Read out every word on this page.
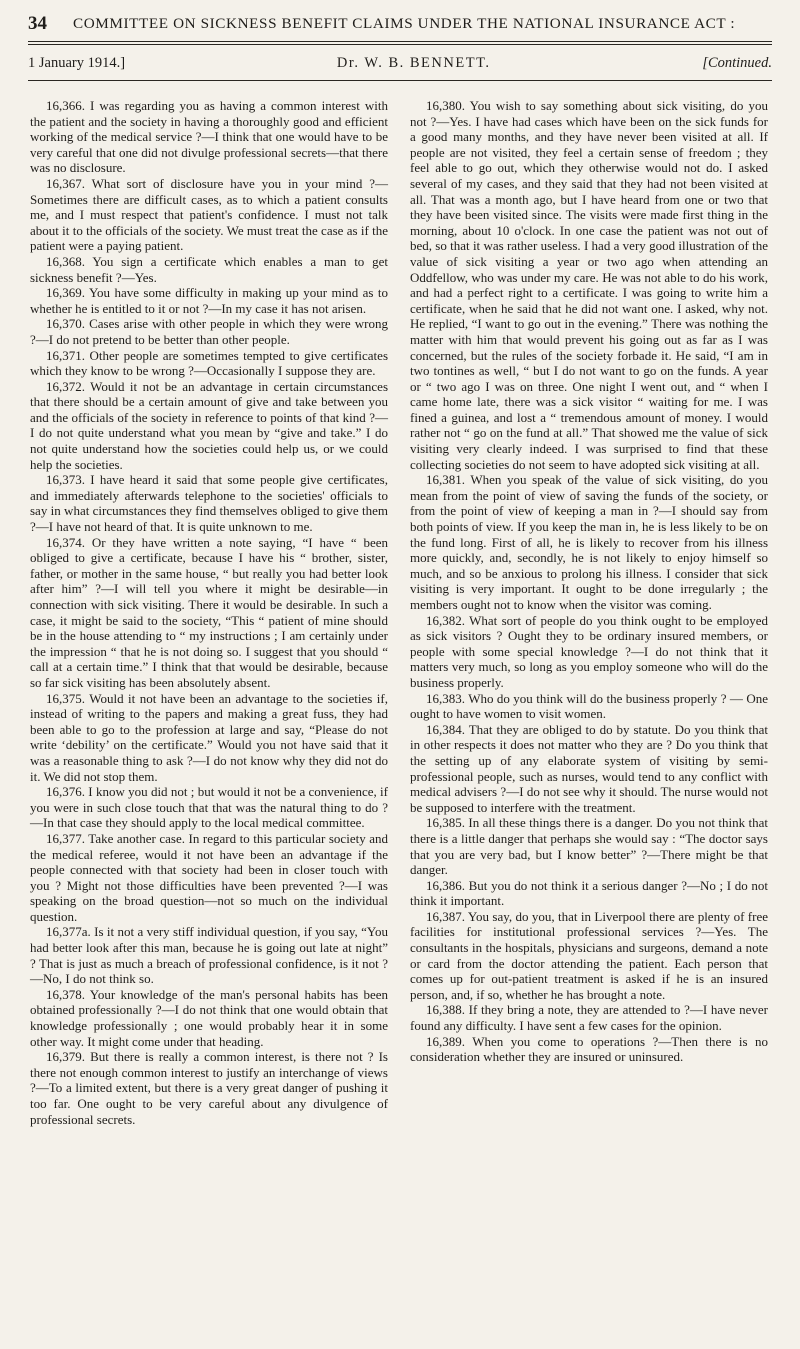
34 COMMITTEE ON SICKNESS BENEFIT CLAIMS UNDER THE NATIONAL INSURANCE ACT :
1 January 1914.]	Dr. W. B. BENNETT.	[Continued.

16,366. I was regarding you as having a common interest with the patient and the society in having a thoroughly good and efficient working of the medical service ?—I think that one would have to be very careful that one did not divulge professional secrets—that there was no disclosure.

16,367. What sort of disclosure have you in your mind ?—Sometimes there are difficult cases, as to which a patient consults me, and I must respect that patient's confidence. I must not talk about it to the officials of the society. We must treat the case as if the patient were a paying patient.

16,368. You sign a certificate which enables a man to get sickness benefit ?—Yes.

16,369. You have some difficulty in making up your mind as to whether he is entitled to it or not ?—In my case it has not arisen.

16,370. Cases arise with other people in which they were wrong ?—I do not pretend to be better than other people.

16,371. Other people are sometimes tempted to give certificates which they know to be wrong ?—Occasionally I suppose they are.

16,372. Would it not be an advantage in certain circumstances that there should be a certain amount of give and take between you and the officials of the society in reference to points of that kind ?—I do not quite understand what you mean by “give and take.” I do not quite understand how the societies could help us, or we could help the societies.

16,373. I have heard it said that some people give certificates, and immediately afterwards telephone to the societies' officials to say in what circumstances they find themselves obliged to give them ?—I have not heard of that. It is quite unknown to me.

16,374. Or they have written a note saying, “I have “ been obliged to give a certificate, because I have his “ brother, sister, father, or mother in the same house, “ but really you had better look after him” ?—I will tell you where it might be desirable—in connection with sick visiting. There it would be desirable. In such a case, it might be said to the society, “This “ patient of mine should be in the house attending to “ my instructions ; I am certainly under the impression “ that he is not doing so. I suggest that you should “ call at a certain time.” I think that that would be desirable, because so far sick visiting has been absolutely absent.

16,375. Would it not have been an advantage to the societies if, instead of writing to the papers and making a great fuss, they had been able to go to the profession at large and say, “Please do not write ‘debility’ on the certificate.” Would you not have said that it was a reasonable thing to ask ?—I do not know why they did not do it. We did not stop them.

16,376. I know you did not ; but would it not be a convenience, if you were in such close touch that that was the natural thing to do ?—In that case they should apply to the local medical committee.

16,377. Take another case. In regard to this particular society and the medical referee, would it not have been an advantage if the people connected with that society had been in closer touch with you ? Might not those difficulties have been prevented ?—I was speaking on the broad question—not so much on the individual question.

16,377a. Is it not a very stiff individual question, if you say, “You had better look after this man, because he is going out late at night” ? That is just as much a breach of professional confidence, is it not ?—No, I do not think so.

16,378. Your knowledge of the man's personal habits has been obtained professionally ?—I do not think that one would obtain that knowledge professionally ; one would probably hear it in some other way. It might come under that heading.

16,379. But there is really a common interest, is there not ? Is there not enough common interest to justify an interchange of views ?—To a limited extent, but there is a very great danger of pushing it too far. One ought to be very careful about any divulgence of professional secrets.

16,380. You wish to say something about sick visiting, do you not ?—Yes. I have had cases which have been on the sick funds for a good many months, and they have never been visited at all. If people are not visited, they feel a certain sense of freedom ; they feel able to go out, which they otherwise would not do. I asked several of my cases, and they said that they had not been visited at all. That was a month ago, but I have heard from one or two that they have been visited since. The visits were made first thing in the morning, about 10 o'clock. In one case the patient was not out of bed, so that it was rather useless. I had a very good illustration of the value of sick visiting a year or two ago when attending an Oddfellow, who was under my care. He was not able to do his work, and had a perfect right to a certificate. I was going to write him a certificate, when he said that he did not want one. I asked, why not. He replied, “I want to go out in the evening.” There was nothing the matter with him that would prevent his going out as far as I was concerned, but the rules of the society forbade it. He said, “I am in two tontines as well, “ but I do not want to go on the funds. A year or “ two ago I was on three. One night I went out, and “ when I came home late, there was a sick visitor “ waiting for me. I was fined a guinea, and lost a “ tremendous amount of money. I would rather not “ go on the fund at all.” That showed me the value of sick visiting very clearly indeed. I was surprised to find that these collecting societies do not seem to have adopted sick visiting at all.

16,381. When you speak of the value of sick visiting, do you mean from the point of view of saving the funds of the society, or from the point of view of keeping a man in ?—I should say from both points of view. If you keep the man in, he is less likely to be on the fund long. First of all, he is likely to recover from his illness more quickly, and, secondly, he is not likely to enjoy himself so much, and so be anxious to prolong his illness. I consider that sick visiting is very important. It ought to be done irregularly ; the members ought not to know when the visitor was coming.

16,382. What sort of people do you think ought to be employed as sick visitors ? Ought they to be ordinary insured members, or people with some special knowledge ?—I do not think that it matters very much, so long as you employ someone who will do the business properly.

16,383. Who do you think will do the business properly ? — One ought to have women to visit women.

16,384. That they are obliged to do by statute. Do you think that in other respects it does not matter who they are ? Do you think that the setting up of any elaborate system of visiting by semi-professional people, such as nurses, would tend to any conflict with medical advisers ?—I do not see why it should. The nurse would not be supposed to interfere with the treatment.

16,385. In all these things there is a danger. Do you not think that there is a little danger that perhaps she would say : “The doctor says that you are very bad, but I know better” ?—There might be that danger.

16,386. But you do not think it a serious danger ?—No ; I do not think it important.

16,387. You say, do you, that in Liverpool there are plenty of free facilities for institutional professional services ?—Yes. The consultants in the hospitals, physicians and surgeons, demand a note or card from the doctor attending the patient. Each person that comes up for out-patient treatment is asked if he is an insured person, and, if so, whether he has brought a note.

16,388. If they bring a note, they are attended to ?—I have never found any difficulty. I have sent a few cases for the opinion.

16,389. When you come to operations ?—Then there is no consideration whether they are insured or uninsured.
